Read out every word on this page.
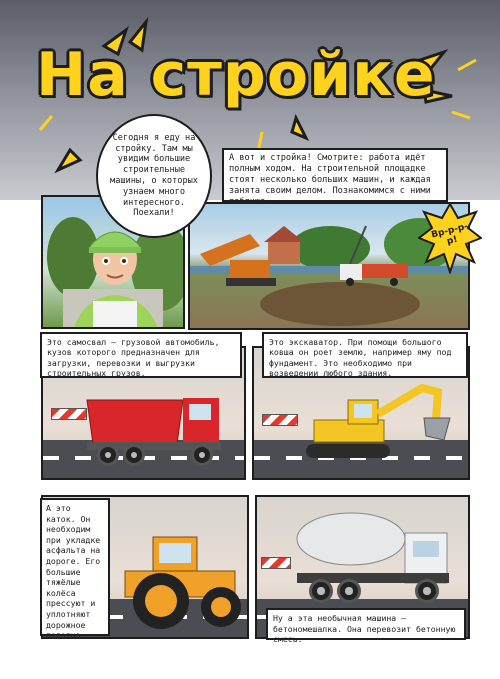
На стройке
Сегодня я еду на стройку. Там мы увидим большие строительные машины, о которых узнаем много интересного. Поехали!
А вот и стройка! Смотрите: работа идёт полным ходом. На строительной площадке стоят несколько больших машин, и каждая занята своим делом. Познакомимся с ними поближе.
Вр-р-р-р!
Это самосвал — грузовой автомобиль, кузов которого предназначен для загрузки, перевозки и выгрузки строительных грузов.
Это экскаватор. При помощи большого ковша он роет землю, например яму под фундамент. Это необходимо при возведении любого здания.
А это каток. Он необходим при укладке асфальта на дороге. Его большие тяжёлые колёса прессуют и уплотняют дорожное полотно.
Ну а эта необычная машина — бетономешалка. Она перевозит бетонную смесь.
